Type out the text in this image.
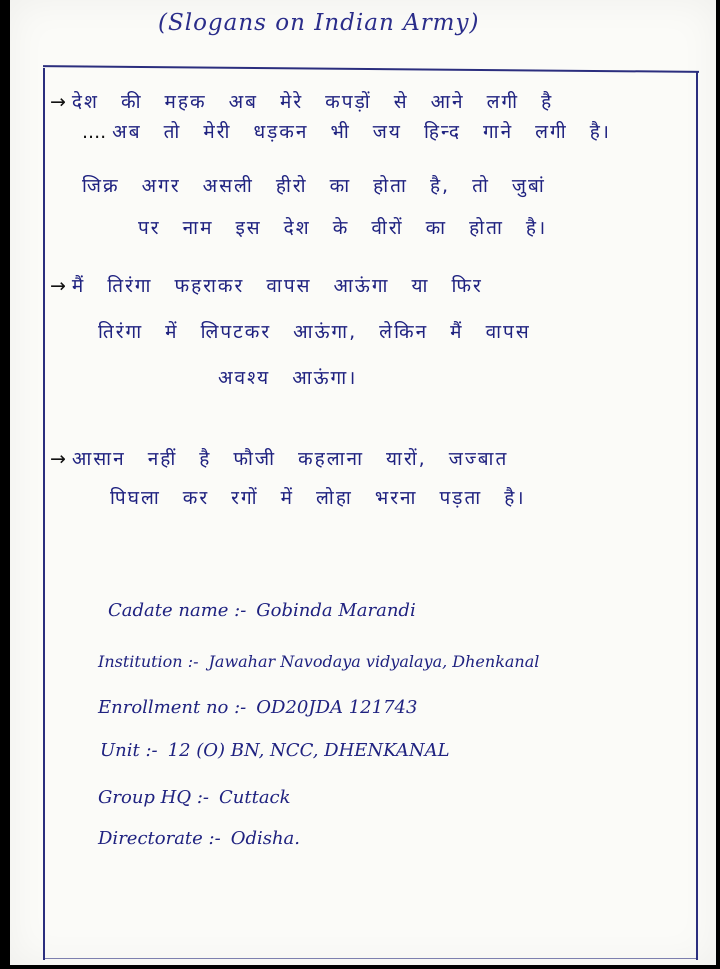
(Slogans on Indian Army)
→ देश की महक अब मेरे कपड़ों से आने लगी है
.... अब तो मेरी धड़कन भी जय हिन्द गाने लगी है।
जिक्र अगर असली हीरो का होता है, तो जुबां
पर नाम इस देश के वीरों का होता है।
→ मैं तिरंगा फहराकर वापस आऊंगा या फिर
तिरंगा में लिपटकर आऊंगा, लेकिन मैं वापस
अवश्य आऊंगा।
→ आसान नहीं है फौजी कहलाना यारों, जज्बात
पिघला कर रगों में लोहा भरना पड़ता है।
Cadate name :- Gobinda Marandi
Institution :- Jawahar Navodaya vidyalaya, Dhenkanal
Enrollment no :- OD20JDA 121743
Unit :- 12 (O) BN, NCC, DHENKANAL
Group HQ :- Cuttack
Directorate :- Odisha.
